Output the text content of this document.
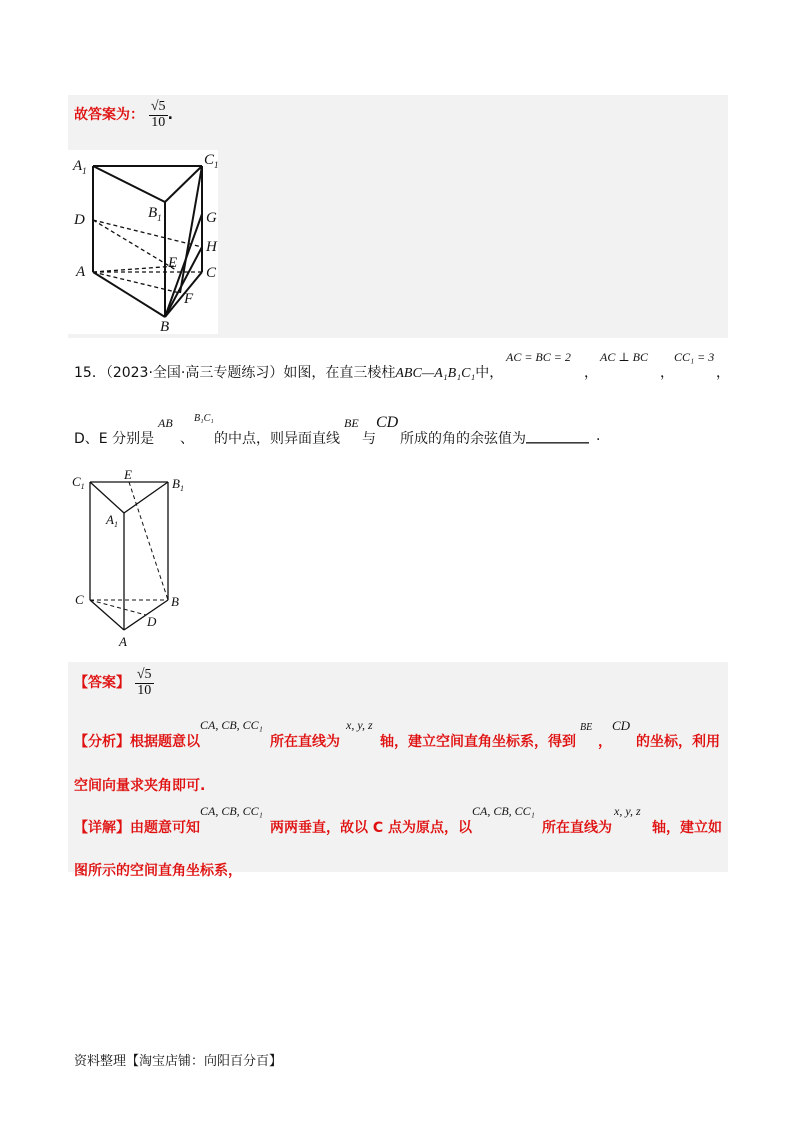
故答案为： $\frac{√5}{10}$ .
$A_1$
$C_1$
$B_1$
D	G
H
E
A	C
F
B
15．（2023·全国·高三专题练习）如图，在直三棱柱ABC—A₁B₁C₁中，
AC = BC = 2
，
AC ⊥ BC
，
CC₁ = 3
，
D、E 分别是
AB
、
B₁C₁
的中点，则异面直线
BE
与
CD
所成的角的余弦值为 _________ .
$C_1$
E
$B_1$
$A_1$
C	B
D
A
【答案】 $\frac{√5}{10}$
【分析】 根据题意以
CA, CB, CC₁
所在直线为
x, y, z
轴，建立空间直角坐标系，得到
BE
，
CD
的坐标，利用
空间向量求夹角即可.
【详解】 由题意可知
CA, CB, CC₁
两两垂直，故以 C 点为原点，以
CA, CB, CC₁
所在直线为
x, y, z
轴，建立如
图所示的空间直角坐标系，
资料整理【淘宝店铺：向阳百分百】
